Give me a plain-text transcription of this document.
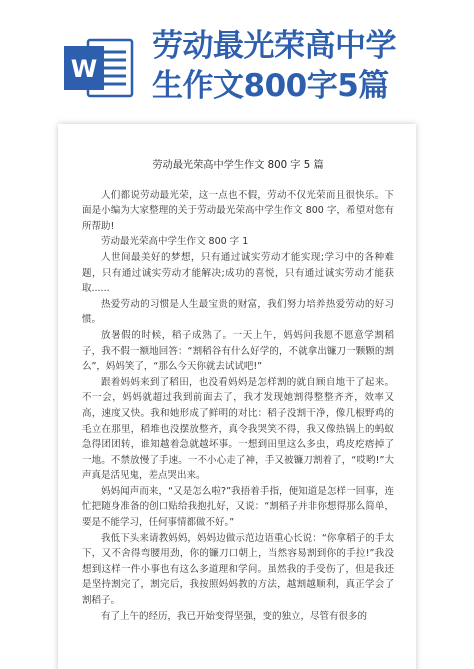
W
劳动最光荣高中学
生作文800字5篇
劳动最光荣高中学生作文 800 字 5 篇

人们都说劳动最光荣，这一点也不假，劳动不仅光荣而且很快乐。下面是小编为大家整理的关于劳动最光荣高中学生作文 800 字，希望对您有所帮助!

劳动最光荣高中学生作文 800 字 1

人世间最美好的梦想，只有通过诚实劳动才能实现;学习中的各种难题，只有通过诚实劳动才能解决;成功的喜悦，只有通过诚实劳动才能获取......

热爱劳动的习惯是人生最宝贵的财富，我们努力培养热爱劳动的好习惯。

放暑假的时候，稻子成熟了。一天上午，妈妈问我愿不愿意学割稻子，我不假一额地回答：“割稻谷有什么好学的，不就拿出镰刀一颗颗的割么”，妈妈笑了，“那么今天你就去试试吧!”

跟着妈妈来到了稻田，也没看妈妈是怎样割的就自顾自地干了起来。不一会，妈妈就超过我到前面去了，我才发现她割得整整齐齐，效率又高，速度又快。我和她形成了鲜明的对比：稻子没割干净，像几根野鸡的毛立在那里，稻堆也没摆放整齐，真令我哭笑不得，我又像热锅上的蚂蚁急得团团转，谁知越着急就越坏事。一想到田里这么多虫，鸡皮疙瘩掉了一地。不禁放慢了手速。一不小心走了神，手又被镰刀割着了，“哎哟!”大声真是活见鬼，差点哭出来。

妈妈闻声而来，“又是怎么啦?”我捂着手指，便知道是怎样一回事，连忙把随身准备的创口贴给我抱扎好，又说：“割稻子并非你想得那么简单，要是不能学习，任何事情都做不好。”

我低下头来请教妈妈，妈妈边做示范边语重心长说：“你拿稻子的手太下，又不舍得弯腰用劲，你的镰刀口朝上，当然容易割到你的手拉!”我没想到这样一件小事也有这么多道理和学问。虽然我的手受伤了，但是我还是坚持割完了，割完后，我按照妈妈教的方法，越割越顺利，真正学会了割稻子。

有了上午的经历，我已开始变得坚强，变的独立，尽管有很多的
